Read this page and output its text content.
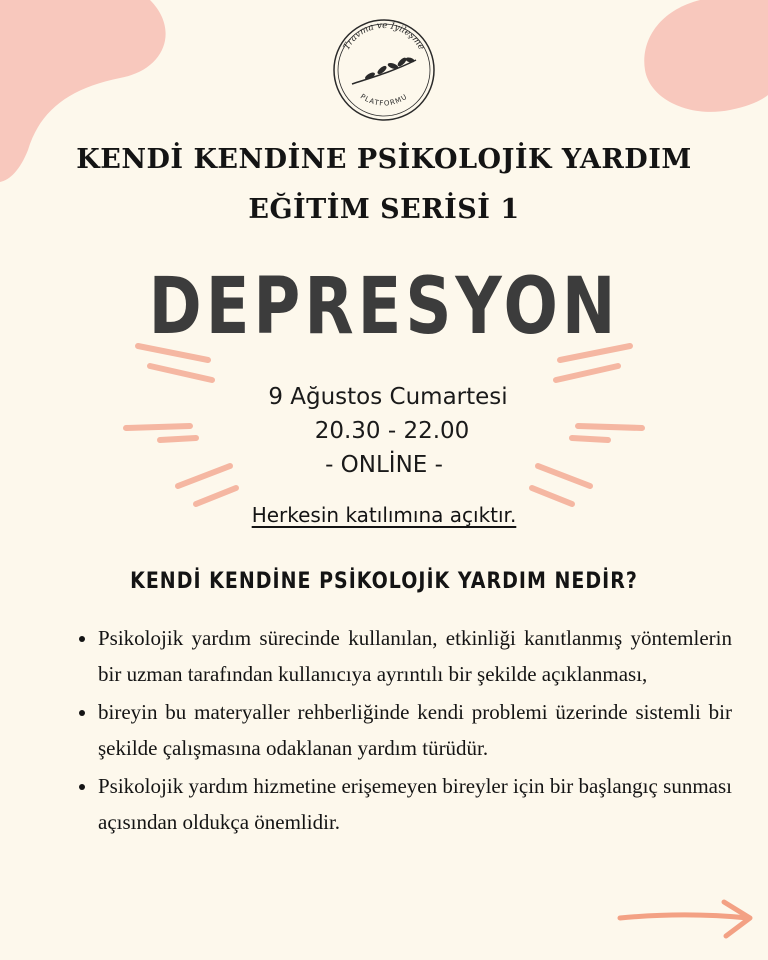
Travma ve İyileşme
PLATFORMU
KENDİ KENDİNE PSİKOLOJİK YARDIM
EĞİTİM SERİSİ 1
DEPRESYON
9 Ağustos Cumartesi
20.30 - 22.00
- ONLİNE -
Herkesin katılımına açıktır.
KENDİ KENDİNE PSİKOLOJİK YARDIM NEDİR?
• Psikolojik yardım sürecinde kullanılan, etkinliği kanıtlanmış yöntemlerin bir uzman tarafından kullanıcıya ayrıntılı bir şekilde açıklanması,
• bireyin bu materyaller rehberliğinde kendi problemi üzerinde sistemli bir şekilde çalışmasına odaklanan yardım türüdür.
• Psikolojik yardım hizmetine erişemeyen bireyler için bir başlangıç sunması açısından oldukça önemlidir.
